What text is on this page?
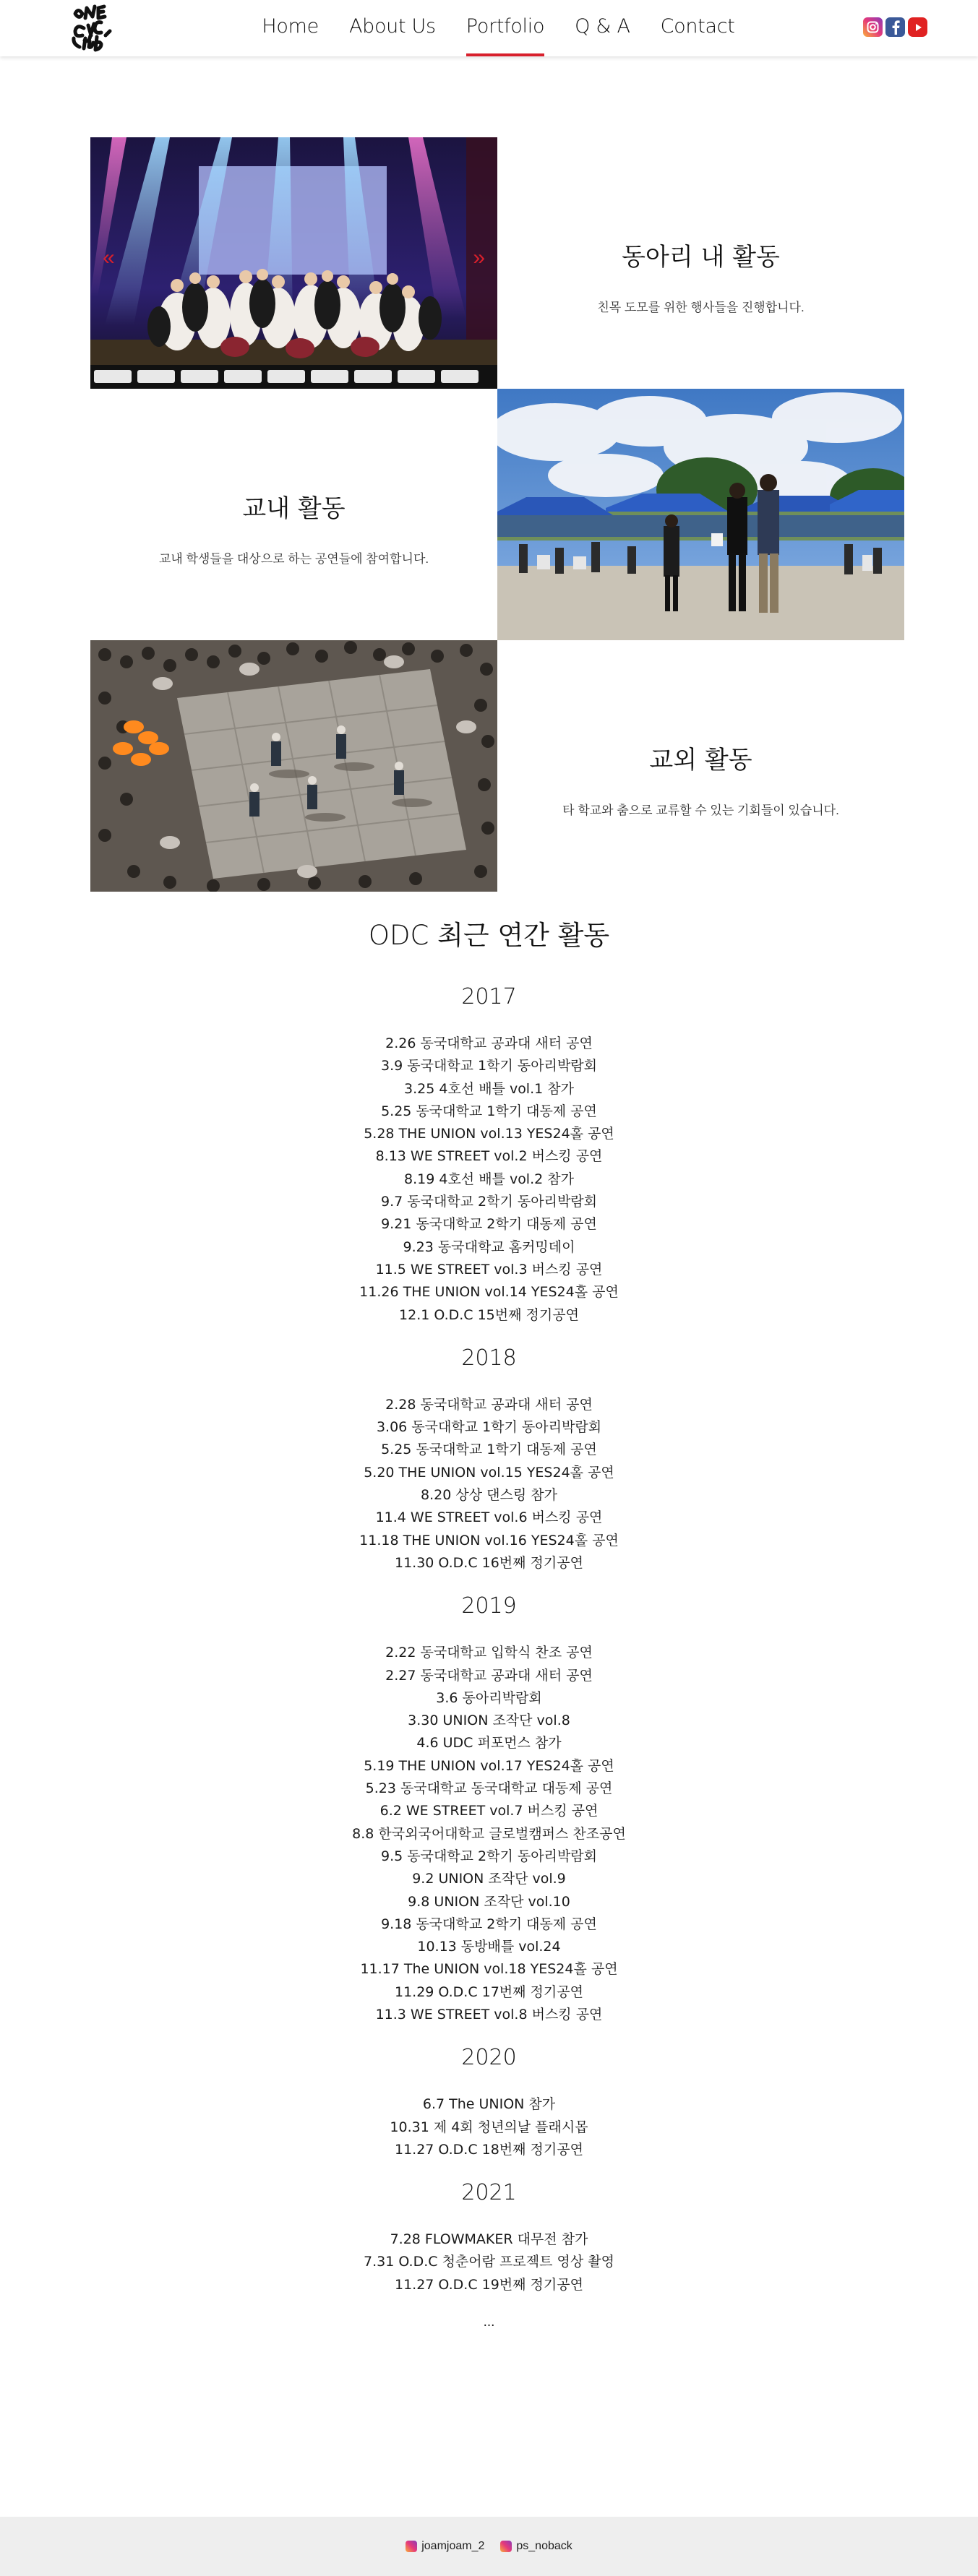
Home About Us Portfolio Q & A Contact
«	»	동아리 내 활동

친목 도모를 위한 행사들을 진행합니다.

교내 활동

교내 학생들을 대상으로 하는 공연들에 참여합니다.

교외 활동

타 학교와 춤으로 교류할 수 있는 기회들이 있습니다.

ODC 최근 연간 활동
2017
2.26 동국대학교 공과대 새터 공연
3.9 동국대학교 1학기 동아리박람회
3.25 4호선 배틀 vol.1 참가
5.25 동국대학교 1학기 대동제 공연
5.28 THE UNION vol.13 YES24홀 공연
8.13 WE STREET vol.2 버스킹 공연
8.19 4호선 배틀 vol.2 참가
9.7 동국대학교 2학기 동아리박람회
9.21 동국대학교 2학기 대동제 공연
9.23 동국대학교 홈커밍데이
11.5 WE STREET vol.3 버스킹 공연
11.26 THE UNION vol.14 YES24홀 공연
12.1 O.D.C 15번째 정기공연
2018
2.28 동국대학교 공과대 새터 공연
3.06 동국대학교 1학기 동아리박람회
5.25 동국대학교 1학기 대동제 공연
5.20 THE UNION vol.15 YES24홀 공연
8.20 상상 댄스링 참가
11.4 WE STREET vol.6 버스킹 공연
11.18 THE UNION vol.16 YES24홀 공연
11.30 O.D.C 16번째 정기공연
2019
2.22 동국대학교 입학식 찬조 공연
2.27 동국대학교 공과대 새터 공연
3.6 동아리박람회
3.30 UNION 조작단 vol.8
4.6 UDC 퍼포먼스 참가
5.19 THE UNION vol.17 YES24홀 공연
5.23 동국대학교 동국대학교 대동제 공연
6.2 WE STREET vol.7 버스킹 공연
8.8 한국외국어대학교 글로벌캠퍼스 찬조공연
9.5 동국대학교 2학기 동아리박람회
9.2 UNION 조작단 vol.9
9.8 UNION 조작단 vol.10
9.18 동국대학교 2학기 대동제 공연
10.13 동방배틀 vol.24
11.17 The UNION vol.18 YES24홀 공연
11.29 O.D.C 17번째 정기공연
11.3 WE STREET vol.8 버스킹 공연
2020
6.7 The UNION 참가
10.31 제 4회 청년의날 플래시몹
11.27 O.D.C 18번째 정기공연
2021
7.28 FLOWMAKER 대무전 참가
7.31 O.D.C 청춘어람 프로젝트 영상 촬영
11.27 O.D.C 19번째 정기공연
...
joamjoam_2	ps_noback
